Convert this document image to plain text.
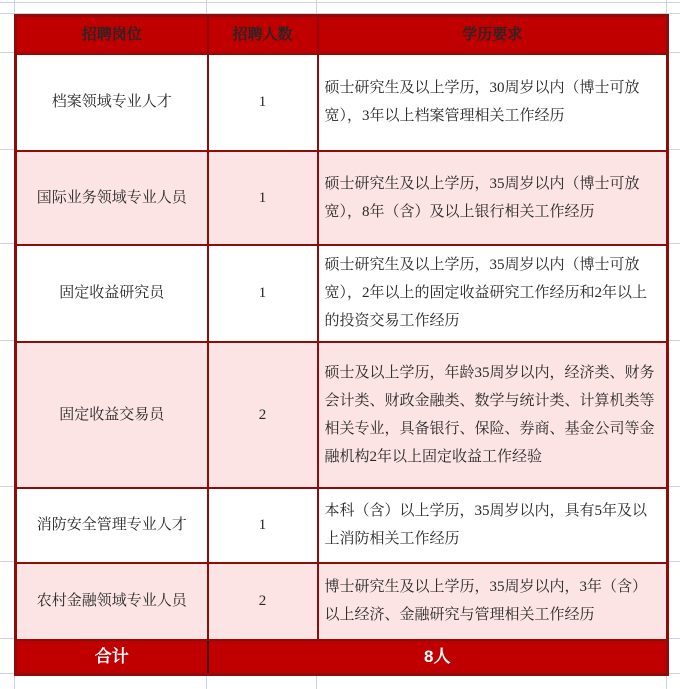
招聘岗位	招聘人数	学历要求
档案领域专业人才	1	硕士研究生及以上学历，30周岁以内（博士可放宽），3年以上档案管理相关工作经历
国际业务领域专业人员	1	硕士研究生及以上学历，35周岁以内（博士可放宽），8年（含）及以上银行相关工作经历
固定收益研究员	1	硕士研究生及以上学历，35周岁以内（博士可放宽），2年以上的固定收益研究工作经历和2年以上的投资交易工作经历
固定收益交易员	2	硕士及以上学历，年龄35周岁以内，经济类、财务会计类、财政金融类、数学与统计类、计算机类等相关专业，具备银行、保险、券商、基金公司等金融机构2年以上固定收益工作经验
消防安全管理专业人才	1	本科（含）以上学历，35周岁以内，具有5年及以上消防相关工作经历
农村金融领域专业人员	2	博士研究生及以上学历，35周岁以内，3年（含）以上经济、金融研究与管理相关工作经历
合计	8人	
